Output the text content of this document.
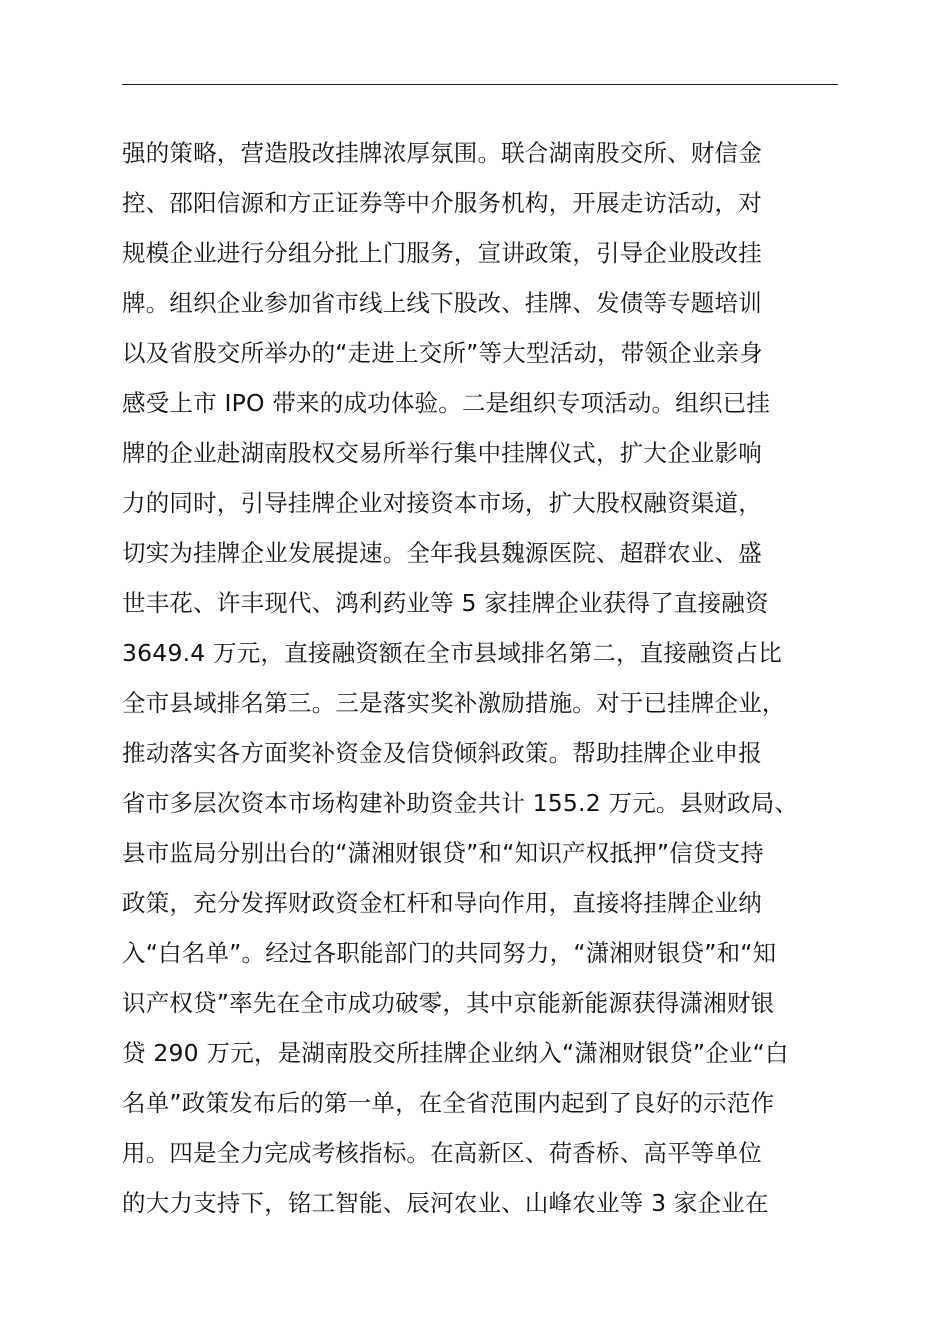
强的策略，营造股改挂牌浓厚氛围。联合湖南股交所、财信金
控、邵阳信源和方正证券等中介服务机构，开展走访活动，对
规模企业进行分组分批上门服务，宣讲政策，引导企业股改挂
牌。组织企业参加省市线上线下股改、挂牌、发债等专题培训
以及省股交所举办的“走进上交所”等大型活动，带领企业亲身
感受上市 IPO 带来的成功体验。二是组织专项活动。组织已挂
牌的企业赴湖南股权交易所举行集中挂牌仪式，扩大企业影响
力的同时，引导挂牌企业对接资本市场，扩大股权融资渠道，
切实为挂牌企业发展提速。全年我县魏源医院、超群农业、盛
世丰花、许丰现代、鸿利药业等 5 家挂牌企业获得了直接融资
3649.4 万元，直接融资额在全市县域排名第二，直接融资占比
全市县域排名第三。三是落实奖补激励措施。对于已挂牌企业，
推动落实各方面奖补资金及信贷倾斜政策。帮助挂牌企业申报
省市多层次资本市场构建补助资金共计 155.2 万元。县财政局、
县市监局分别出台的“潇湘财银贷”和“知识产权抵押”信贷支持
政策，充分发挥财政资金杠杆和导向作用，直接将挂牌企业纳
入“白名单”。经过各职能部门的共同努力，“潇湘财银贷”和“知
识产权贷”率先在全市成功破零，其中京能新能源获得潇湘财银
贷 290 万元，是湖南股交所挂牌企业纳入“潇湘财银贷”企业“白
名单”政策发布后的第一单，在全省范围内起到了良好的示范作
用。四是全力完成考核指标。在高新区、荷香桥、高平等单位
的大力支持下，铭工智能、辰河农业、山峰农业等 3 家企业在
